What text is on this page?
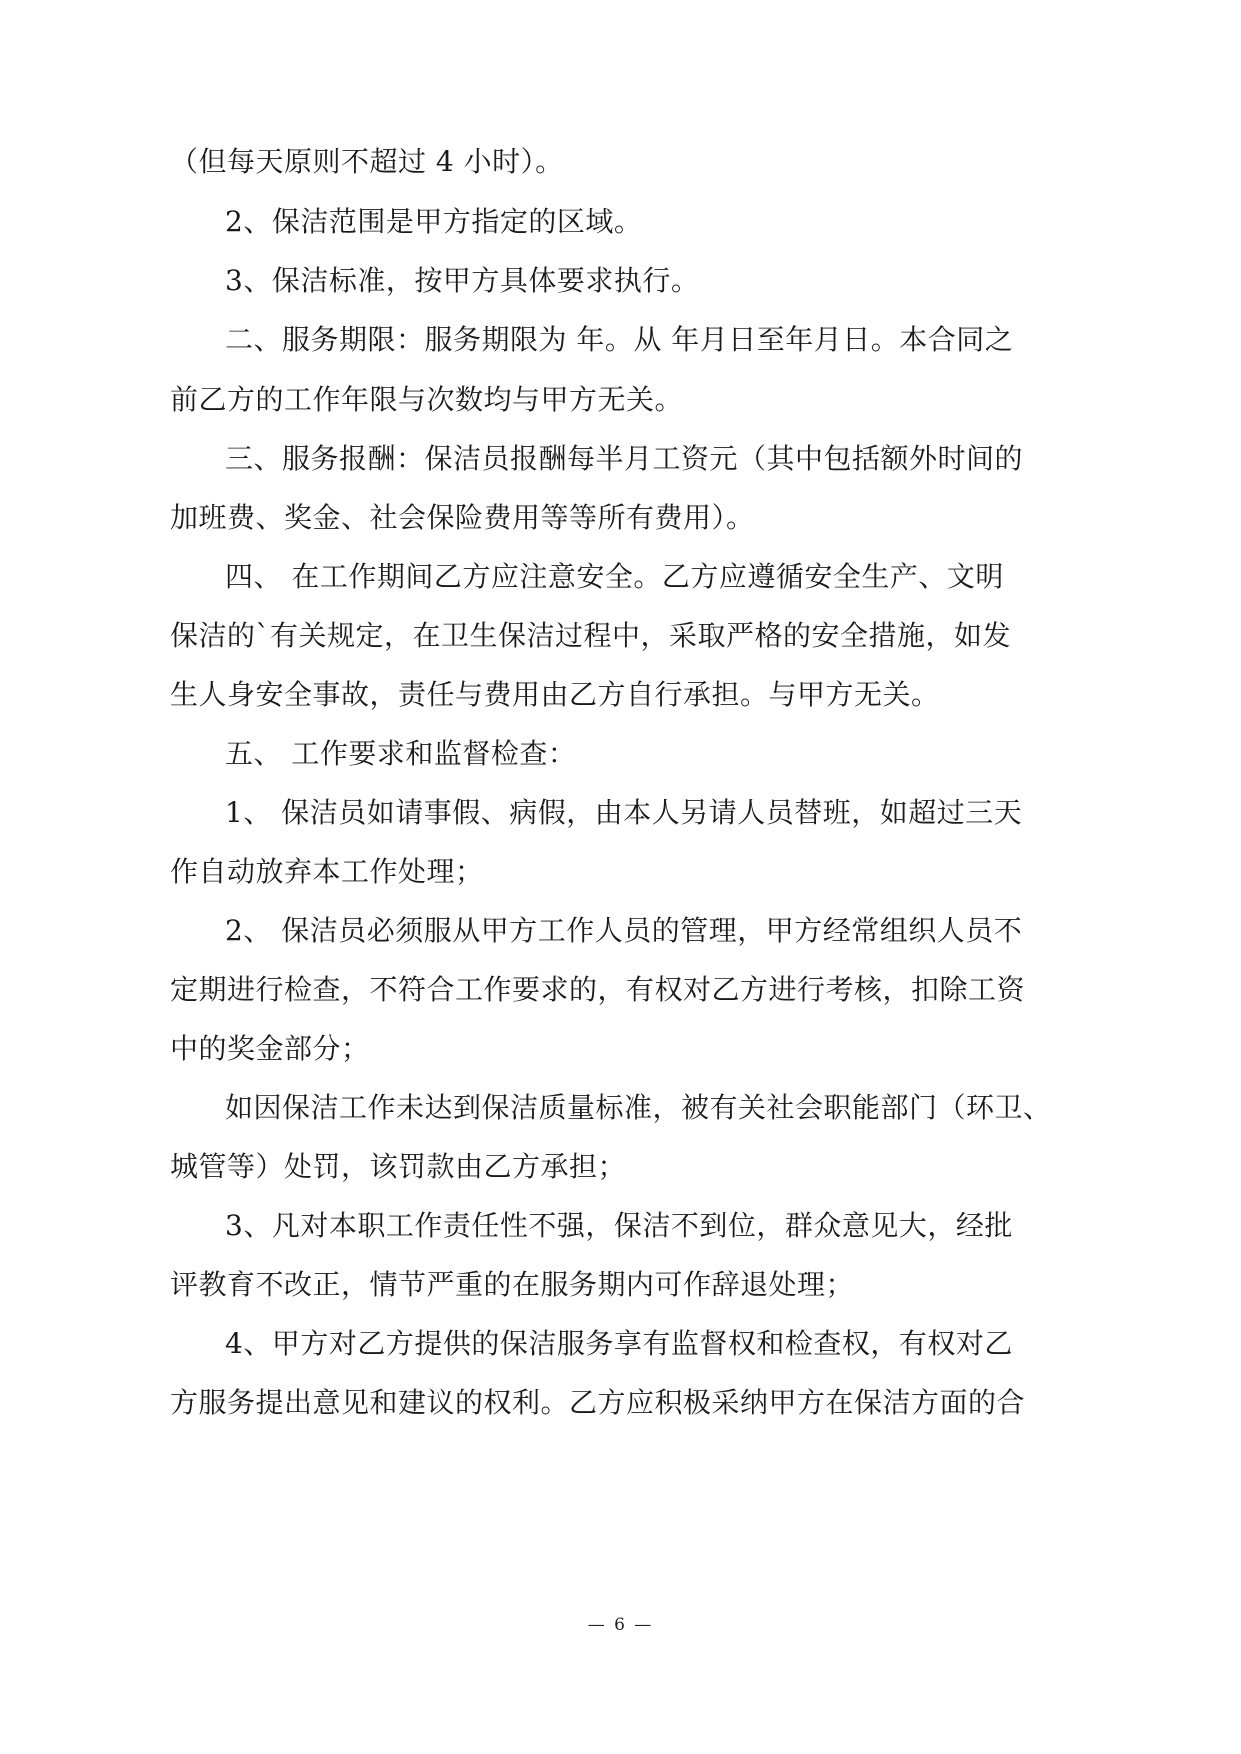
（但每天原则不超过 4 小时）。
2、保洁范围是甲方指定的区域。
3、保洁标准，按甲方具体要求执行。
二、服务期限：服务期限为 年。从 年月日至年月日。本合同之
前乙方的工作年限与次数均与甲方无关。
三、服务报酬：保洁员报酬每半月工资元（其中包括额外时间的
加班费、奖金、社会保险费用等等所有费用）。
四、 在工作期间乙方应注意安全。乙方应遵循安全生产、文明
保洁的`有关规定，在卫生保洁过程中，采取严格的安全措施，如发
生人身安全事故，责任与费用由乙方自行承担。与甲方无关。
五、 工作要求和监督检查：
1、 保洁员如请事假、病假，由本人另请人员替班，如超过三天
作自动放弃本工作处理；
2、 保洁员必须服从甲方工作人员的管理，甲方经常组织人员不
定期进行检查，不符合工作要求的，有权对乙方进行考核，扣除工资
中的奖金部分；
如因保洁工作未达到保洁质量标准，被有关社会职能部门（环卫、
城管等）处罚，该罚款由乙方承担；
3、凡对本职工作责任性不强，保洁不到位，群众意见大，经批
评教育不改正，情节严重的在服务期内可作辞退处理；
4、甲方对乙方提供的保洁服务享有监督权和检查权，有权对乙
方服务提出意见和建议的权利。乙方应积极采纳甲方在保洁方面的合
— 6 —
